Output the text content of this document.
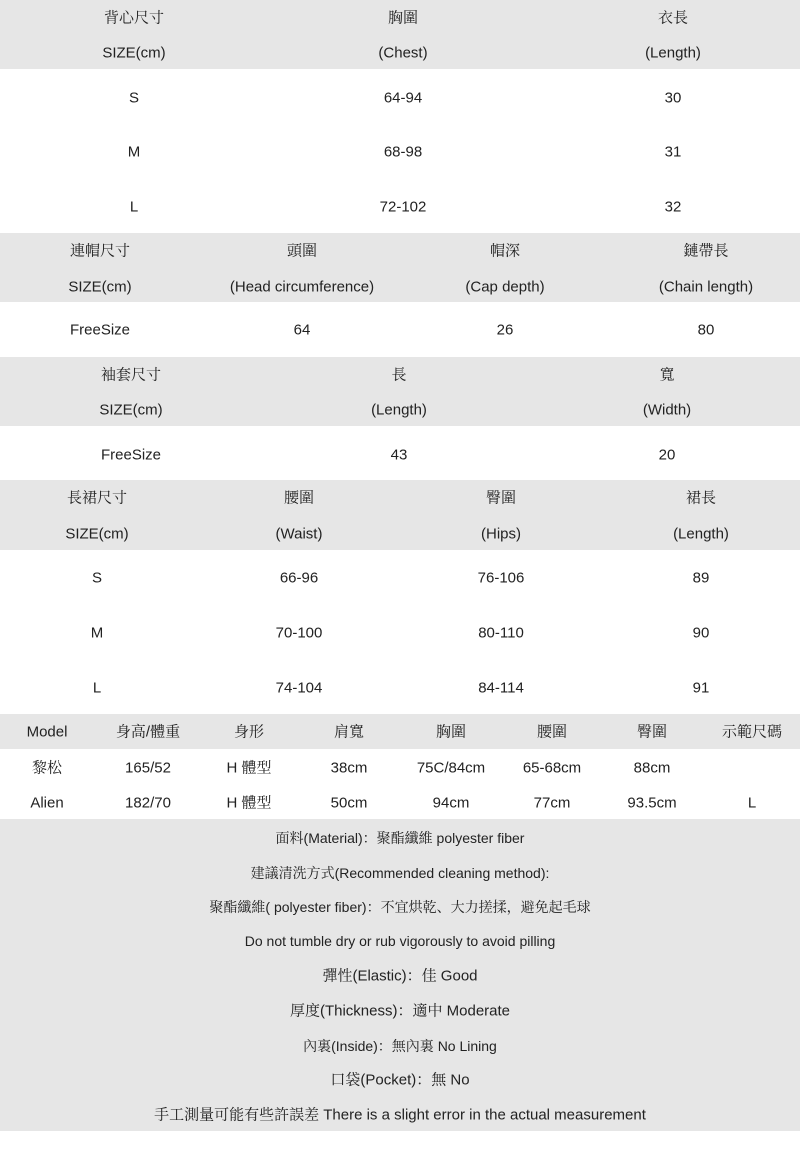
背心尺寸	胸圍	衣長
SIZE(cm)	(Chest)	(Length)
S	64-94	30
M	68-98	31
L	72-102	32
連帽尺寸	頭圍	帽深	鏈帶長
SIZE(cm)	(Head circumference)	(Cap depth)	(Chain length)
FreeSize	64	26	80
袖套尺寸	長	寬
SIZE(cm)	(Length)	(Width)
FreeSize	43	20
長裙尺寸	腰圍	臀圍	裙長
SIZE(cm)	(Waist)	(Hips)	(Length)
S	66-96	76-106	89
M	70-100	80-110	90
L	74-104	84-114	91
Model	身高/體重	身形	肩寬	胸圍	腰圍	臀圍	示範尺碼
黎松	165/52	H 體型	38cm	75C/84cm	65-68cm	88cm
Alien	182/70	H 體型	50cm	94cm	77cm	93.5cm	L
面料(Material)：聚酯纖維 polyester fiber
建議清洗方式(Recommended cleaning method):
聚酯纖維( polyester fiber)：不宜烘乾、大力搓揉，避免起毛球
Do not tumble dry or rub vigorously to avoid pilling
彈性(Elastic)：佳 Good
厚度(Thickness)：適中 Moderate
內裏(Inside)：無內裏 No Lining
口袋(Pocket)：無 No
手工測量可能有些許誤差 There is a slight error in the actual measurement
